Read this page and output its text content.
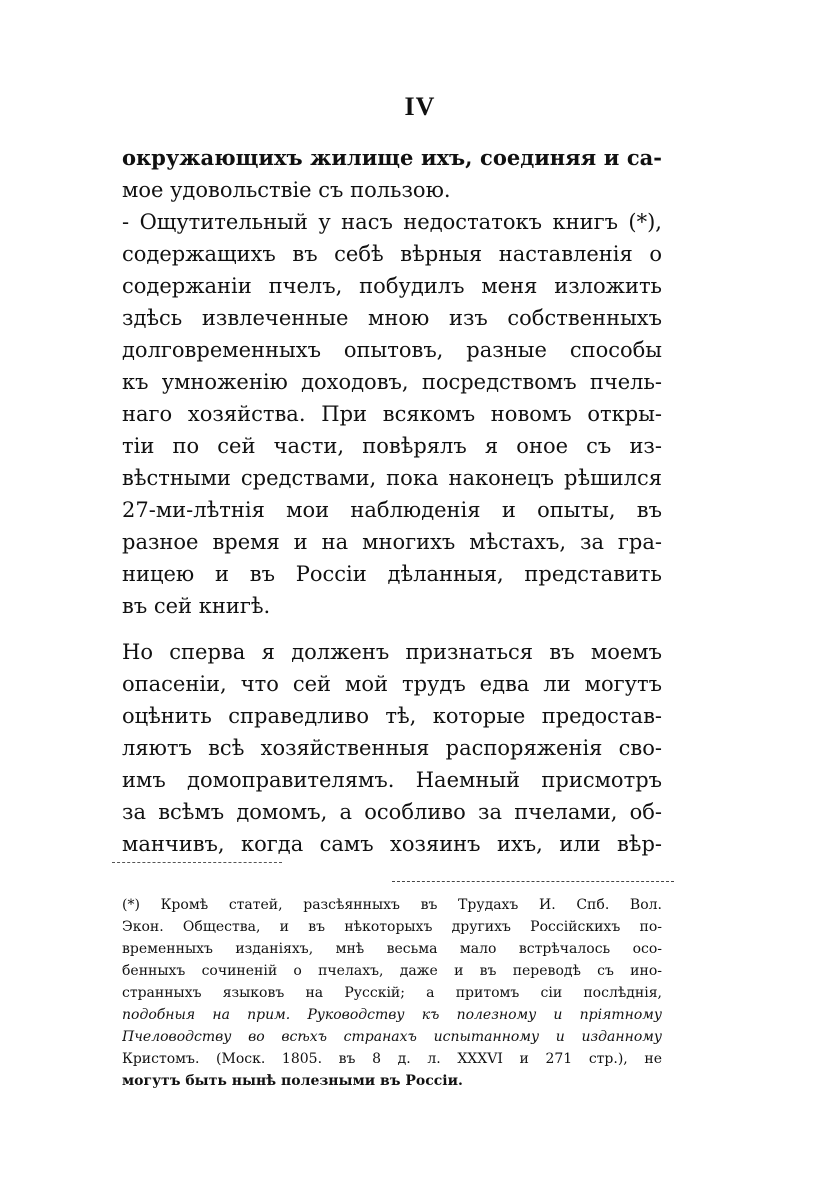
IV
окружающихъ жилище ихъ, соединяя и са-
мое удовольствіе съ пользою.
- Ощутительный у насъ недостатокъ книгъ (*),
содержащихъ въ себѣ вѣрныя наставленія о
содержаніи пчелъ, побудилъ меня изложить
здѣсь извлеченные мною изъ собственныхъ
долговременныхъ опытовъ, разные способы
къ умноженію доходовъ, посредствомъ пчель-
наго хозяйства. При всякомъ новомъ откры-
тіи по сей части, повѣрялъ я оное съ из-
вѣстными средствами, пока наконецъ рѣшился
27-ми-лѣтнія мои наблюденія и опыты, въ
разное время и на многихъ мѣстахъ, за гра-
ницею и въ Россіи дѣланныя, представить
въ сей книгѣ.
Но сперва я долженъ признаться въ моемъ
опасеніи, что сей мой трудъ едва ли могутъ
оцѣнить справедливо тѣ, которые предостав-
ляютъ всѣ хозяйственныя распоряженія сво-
имъ домоправителямъ. Наемный присмотръ
за всѣмъ домомъ, а особливо за пчелами, об-
манчивъ, когда самъ хозяинъ ихъ, или вѣр-
(*) Кромѣ статей, разсѣянныхъ въ Трудахъ И. Спб. Вол.
Экон. Общества, и въ нѣкоторыхъ другихъ Россійскихъ по-
временныхъ изданіяхъ, мнѣ весьма мало встрѣчалось осо-
бенныхъ сочиненій о пчелахъ, даже и въ переводѣ съ ино-
странныхъ языковъ на Русскій; а притомъ сіи послѣднія,
подобныя на прим. Руководству къ полезному и пріятному
Пчеловодству во всѣхъ странахъ испытанному и изданному
Кристомъ. (Моск. 1805. въ 8 д. л. XXXVI и 271 стр.), не
могутъ быть нынѣ полезными въ Россіи.
